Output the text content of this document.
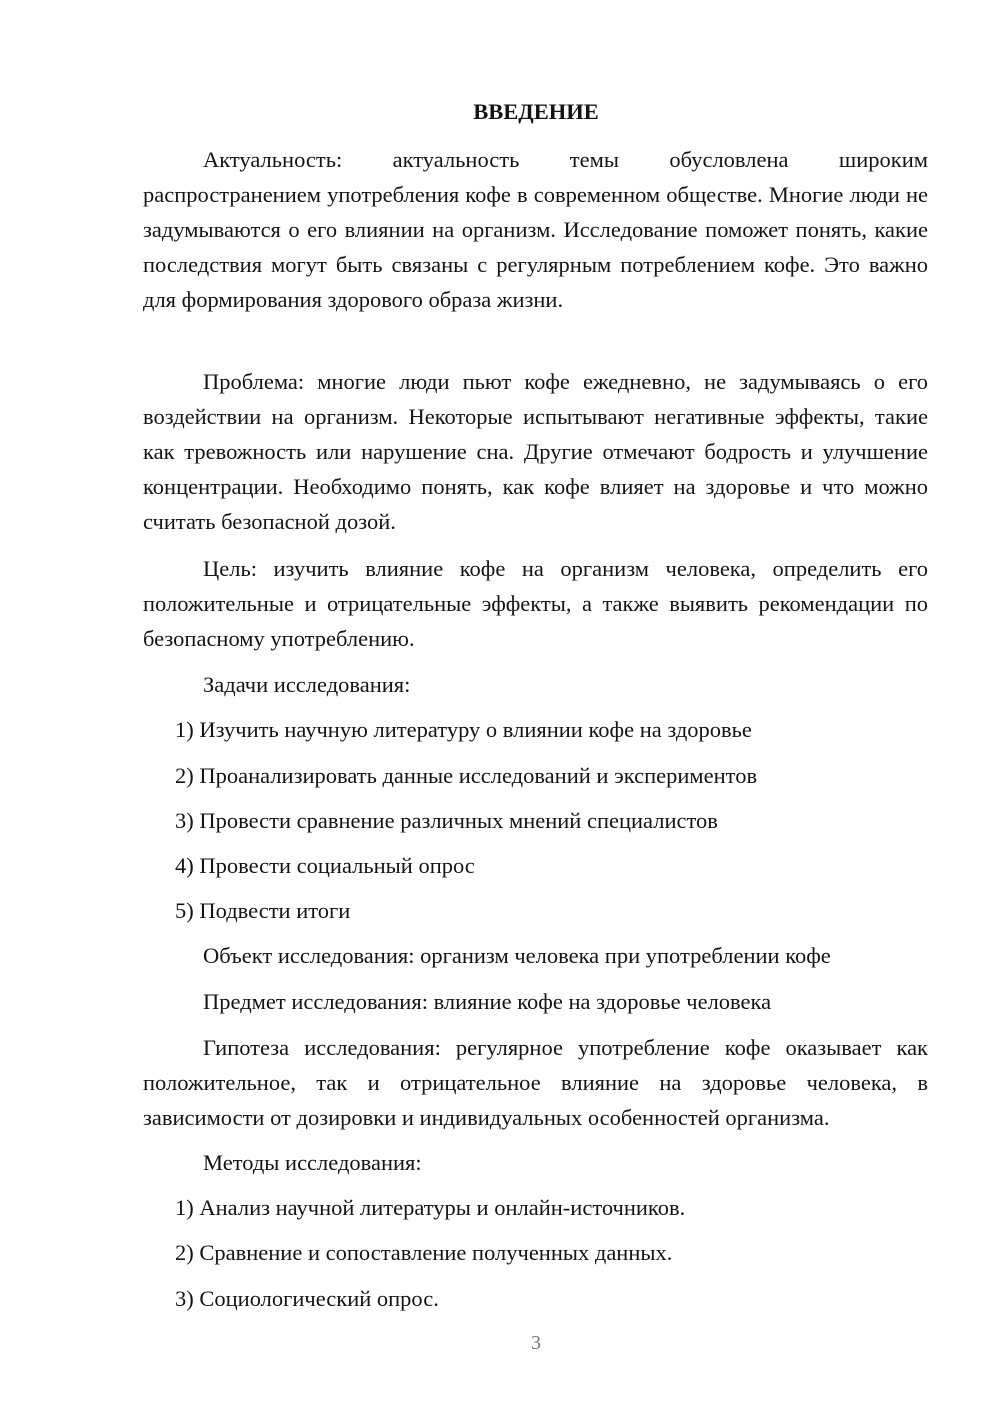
ВВЕДЕНИЕ

Актуальность: актуальность темы обусловлена широким распространением употребления кофе в современном обществе. Многие люди не задумываются о его влиянии на организм. Исследование поможет понять, какие последствия могут быть связаны с регулярным потреблением кофе. Это важно для формирования здорового образа жизни.

Проблема: многие люди пьют кофе ежедневно, не задумываясь о его воздействии на организм. Некоторые испытывают негативные эффекты, такие как тревожность или нарушение сна. Другие отмечают бодрость и улучшение концентрации. Необходимо понять, как кофе влияет на здоровье и что можно считать безопасной дозой.

Цель: изучить влияние кофе на организм человека, определить его положительные и отрицательные эффекты, а также выявить рекомендации по безопасному употреблению.

Задачи исследования:

1) Изучить научную литературу о влиянии кофе на здоровье

2) Проанализировать данные исследований и экспериментов

3) Провести сравнение различных мнений специалистов

4) Провести социальный опрос

5) Подвести итоги

Объект исследования: организм человека при употреблении кофе

Предмет исследования: влияние кофе на здоровье человека

Гипотеза исследования: регулярное употребление кофе оказывает как положительное, так и отрицательное влияние на здоровье человека, в зависимости от дозировки и индивидуальных особенностей организма.

Методы исследования:

1) Анализ научной литературы и онлайн-источников.

2) Сравнение и сопоставление полученных данных.

3) Социологический опрос.

3
